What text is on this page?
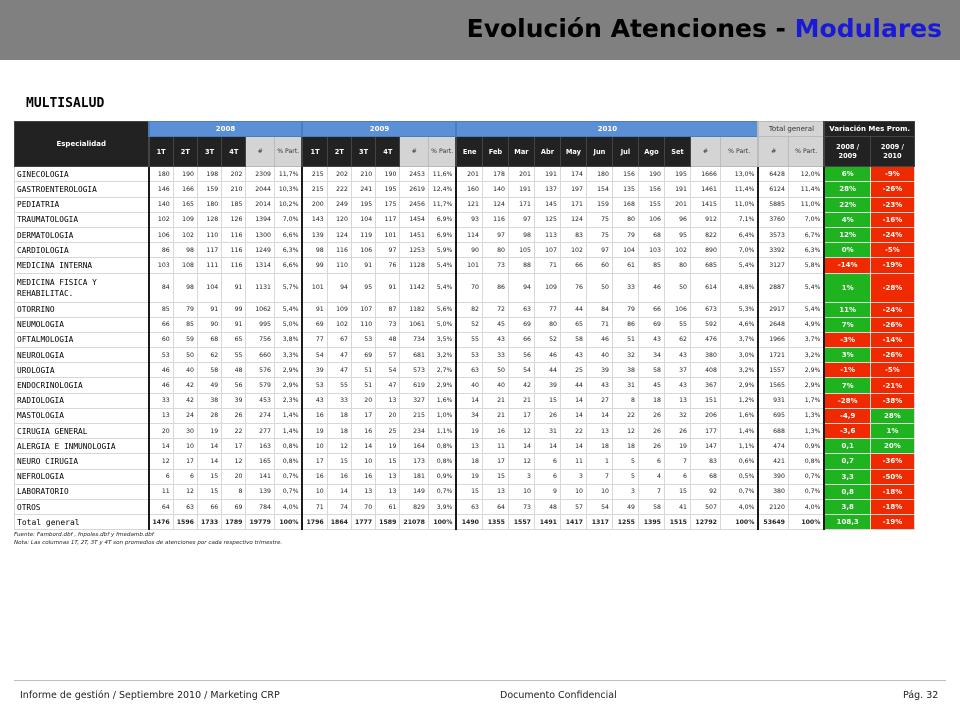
Evolución Atenciones - Modulares
MULTISALUD
Especialidad	2008						2009						2010											Total general		Variación Mes Prom.	
	1T	2T	3T	4T	#	% Part.	1T	2T	3T	4T	#	% Part.	Ene	Feb	Mar	Abr	May	Jun	Jul	Ago	Set	#	% Part.	#	% Part.	2008 / 2009	2009 / 2010
GINECOLOGIA	180	190	198	202	2309	11,7%	215	202	210	190	2453	11,6%	201	178	201	191	174	180	156	190	195	1666	13,0%	6428	12,0%	6%	-9%
GASTROENTEROLOGIA	146	166	159	210	2044	10,3%	215	222	241	195	2619	12,4%	160	140	191	137	197	154	135	156	191	1461	11,4%	6124	11,4%	28%	-26%
PEDIATRIA	140	165	180	185	2014	10,2%	200	249	195	175	2456	11,7%	121	124	171	145	171	159	168	155	201	1415	11,0%	5885	11,0%	22%	-23%
TRAUMATOLOGIA	102	109	128	126	1394	7,0%	143	120	104	117	1454	6,9%	93	116	97	125	124	75	80	106	96	912	7,1%	3760	7,0%	4%	-16%
DERMATOLOGIA	106	102	110	116	1300	6,6%	139	124	119	101	1451	6,9%	114	97	98	113	83	75	79	68	95	822	6,4%	3573	6,7%	12%	-24%
CARDIOLOGIA	86	98	117	116	1249	6,3%	98	116	106	97	1253	5,9%	90	80	105	107	102	97	104	103	102	890	7,0%	3392	6,3%	0%	-5%
MEDICINA INTERNA	103	108	111	116	1314	6,6%	99	110	91	76	1128	5,4%	101	73	88	71	66	60	61	85	80	685	5,4%	3127	5,8%	-14%	-19%
MEDICINA FISICA Y REHABILITAC.	84	98	104	91	1131	5,7%	101	94	95	91	1142	5,4%	70	86	94	109	76	50	33	46	50	614	4,8%	2887	5,4%	1%	-28%
OTORRINO	85	79	91	99	1062	5,4%	91	109	107	87	1182	5,6%	82	72	63	77	44	84	79	66	106	673	5,3%	2917	5,4%	11%	-24%
NEUMOLOGIA	66	85	90	91	995	5,0%	69	102	110	73	1061	5,0%	52	45	69	80	65	71	86	69	55	592	4,6%	2648	4,9%	7%	-26%
OFTALMOLOGIA	60	59	68	65	756	3,8%	77	67	53	48	734	3,5%	55	43	66	52	58	46	51	43	62	476	3,7%	1966	3,7%	-3%	-14%
NEUROLOGIA	53	50	62	55	660	3,3%	54	47	69	57	681	3,2%	53	33	56	46	43	40	32	34	43	380	3,0%	1721	3,2%	3%	-26%
UROLOGIA	46	40	58	48	576	2,9%	39	47	51	54	573	2,7%	63	50	54	44	25	39	38	58	37	408	3,2%	1557	2,9%	-1%	-5%
ENDOCRINOLOGIA	46	42	49	56	579	2,9%	53	55	51	47	619	2,9%	40	40	42	39	44	43	31	45	43	367	2,9%	1565	2,9%	7%	-21%
RADIOLOGIA	33	42	38	39	453	2,3%	43	33	20	13	327	1,6%	14	21	21	15	14	27	8	18	13	151	1,2%	931	1,7%	-28%	-38%
MASTOLOGIA	13	24	28	26	274	1,4%	16	18	17	20	215	1,0%	34	21	17	26	14	14	22	26	32	206	1,6%	695	1,3%	-4,9	28%
CIRUGIA GENERAL	20	30	19	22	277	1,4%	19	18	16	25	234	1,1%	19	16	12	31	22	13	12	26	26	177	1,4%	688	1,3%	-3,6	1%
ALERGIA E INMUNOLOGIA	14	10	14	17	163	0,8%	10	12	14	19	164	0,8%	13	11	14	14	14	18	18	26	19	147	1,1%	474	0,9%	0,1	20%
NEURO CIRUGIA	12	17	14	12	165	0,8%	17	15	10	15	173	0,8%	18	17	12	6	11	1	5	6	7	83	0,6%	421	0,8%	0,7	-36%
NEFROLOGIA	6	6	15	20	141	0,7%	16	16	16	13	181	0,9%	19	15	3	6	3	7	5	4	6	68	0,5%	390	0,7%	3,3	-50%
LABORATORIO	11	12	15	8	139	0,7%	10	14	13	13	149	0,7%	15	13	10	9	10	10	3	7	15	92	0,7%	380	0,7%	0,8	-18%
OTROS	64	63	66	69	784	4,0%	71	74	70	61	829	3,9%	63	64	73	48	57	54	49	58	41	507	4,0%	2120	4,0%	3,8	-18%
Total general	1476	1596	1733	1789	19779	100%	1796	1864	1777	1589	21078	100%	1490	1355	1557	1491	1417	1317	1255	1395	1515	12792	100%	53649	100%	108,3	-19%
Fuente: Fambord.dbf , fnpoles.dbf y fmedamb.dbf
Nota: Las columnas 1T, 2T, 3T y 4T son promedios de atenciones por cada respectivo trimestre.
Informe de gestión / Septiembre 2010 / Marketing CRP	Documento Confidencial	Pág. 32
